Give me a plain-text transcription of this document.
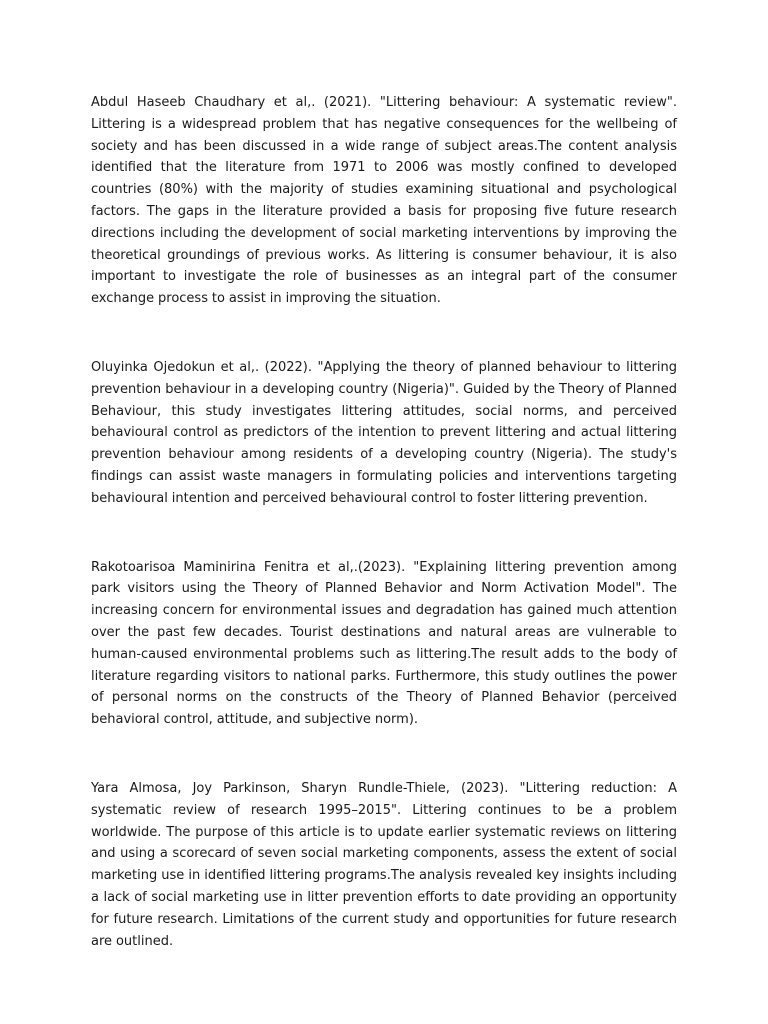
Abdul Haseeb Chaudhary et al,. (2021). "Littering behaviour: A systematic review". Littering is a widespread problem that has negative consequences for the wellbeing of society and has been discussed in a wide range of subject areas.The content analysis identified that the literature from 1971 to 2006 was mostly confined to developed countries (80%) with the majority of studies examining situational and psychological factors. The gaps in the literature provided a basis for proposing five future research directions including the development of social marketing interventions by improving the theoretical groundings of previous works. As littering is consumer behaviour, it is also important to investigate the role of businesses as an integral part of the consumer exchange process to assist in improving the situation.

Oluyinka Ojedokun et al,. (2022). "Applying the theory of planned behaviour to littering prevention behaviour in a developing country (Nigeria)". Guided by the Theory of Planned Behaviour, this study investigates littering attitudes, social norms, and perceived behavioural control as predictors of the intention to prevent littering and actual littering prevention behaviour among residents of a developing country (Nigeria). The study's findings can assist waste managers in formulating policies and interventions targeting behavioural intention and perceived behavioural control to foster littering prevention.

Rakotoarisoa Maminirina Fenitra et al,.(2023). "Explaining littering prevention among park visitors using the Theory of Planned Behavior and Norm Activation Model". The increasing concern for environmental issues and degradation has gained much attention over the past few decades. Tourist destinations and natural areas are vulnerable to human-caused environmental problems such as littering.The result adds to the body of literature regarding visitors to national parks. Furthermore, this study outlines the power of personal norms on the constructs of the Theory of Planned Behavior (perceived behavioral control, attitude, and subjective norm).

Yara Almosa, Joy Parkinson, Sharyn Rundle-Thiele, (2023). "Littering reduction: A systematic review of research 1995–2015". Littering continues to be a problem worldwide. The purpose of this article is to update earlier systematic reviews on littering and using a scorecard of seven social marketing components, assess the extent of social marketing use in identified littering programs.The analysis revealed key insights including a lack of social marketing use in litter prevention efforts to date providing an opportunity for future research. Limitations of the current study and opportunities for future research are outlined.
